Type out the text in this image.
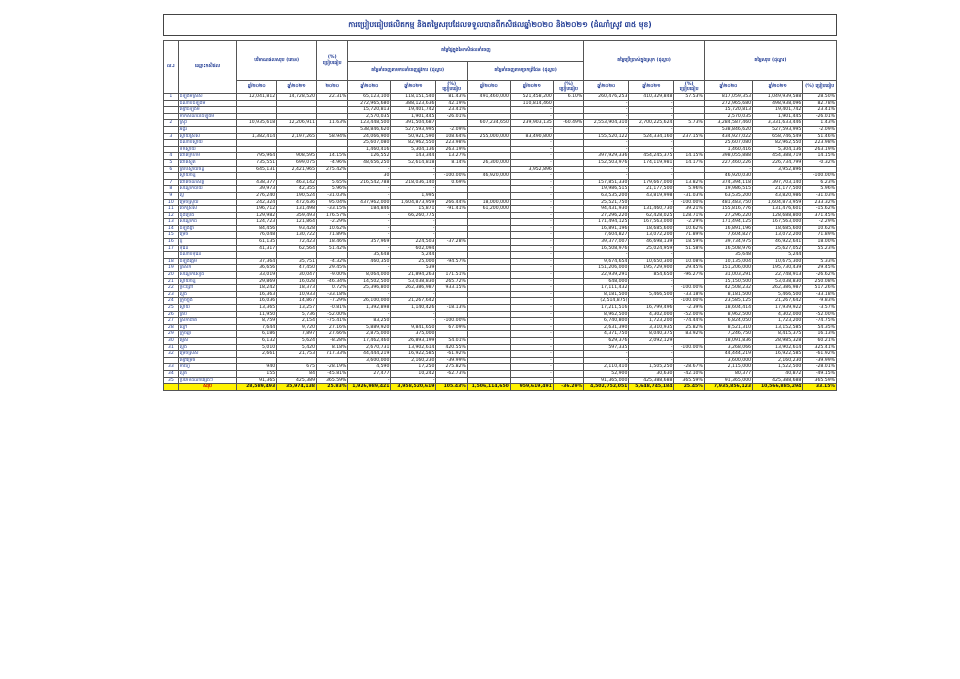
ការប្រៀបធៀបផលិតកម្ម និងតម្លៃសរុបដែលទទួលបានពីកសិផលឆ្នាំ២០២០ និង២០២១ (ដំណាំស្រូវ ៣៥ មុខ)
ល.រ	ឈ្មោះកសិផល	បរិមាណផលសរុប (តោន)		(%) ប្រៀបធៀប	តម្លៃផ្ទៃក្នុងនៃកសិផលនាំចេញ						តម្លៃប្រើប្រាស់ក្នុងស្រុក (ដុល្លារ)			តម្លៃសរុប (ដុល្លារ)		
					តម្លៃនាំចេញតាមការនាំចេញផ្លូវការ (ដុល្លារ)			តម្លៃនាំចេញតាមច្រកព្រំដែន (ដុល្លារ)								
		ឆ្នាំ២០២០	ឆ្នាំ២០២១	២០២០	ឆ្នាំ២០២០	ឆ្នាំ២០២១	(%) ប្រៀបធៀប	ឆ្នាំ២០២០	ឆ្នាំ២០២១	(%) ប្រៀបធៀប	ឆ្នាំ២០២០	ឆ្នាំ២០២១	(%) ប្រៀបធៀប	ឆ្នាំ២០២០	ឆ្នាំ២០២១	(%) ប្រៀបធៀប
1	ដំឡូងមីស្រស់	12,041,812	14,728,520	22.31%	65,123,100	118,151,540	81.43%	491,460,000	521,458,200	6.10%	260,476,253	410,329,848	57.53%	817,059,353	1,049,939,588	28.50%
	ដំណាប់ដំឡូងមី				272,965,680	388,123,636	42.19%		110,814,460		-	-		272,965,680	498,938,096	82.78%
	ម្សៅដំឡូងមី				15,720,813	19,401,742	23.41%		-		-	-		15,720,813	19,401,742	23.41%
	កាកសំណល់ដំឡូងមី				2,570,035	1,901,445	-26.01%		-		-	-		2,570,035	1,901,445	-26.01%
2	ស្រូវ	10,935,618	12,206,911	11.63%	123,448,500	391,504,687		607,234,650	239,903,135	-60.49%	2,553,904,310	2,700,225,624	5.73%	3,284,587,460	3,331,633,446	1.43%
	អង្ករ				538,846,620	527,593,995	-2.09%		-		-	-		538,846,620	527,593,995	-2.09%
3	ស្វាយស្រស់	1,382,414	2,197,265	58.94%	24,066,900	50,921,590	108.64%	255,000,000	83,490,800		155,520,122	524,334,160	237.15%	434,927,022	658,746,549	51.46%
	ដំណាប់ស្វាយ				25,607,080	82,962,550	223.98%		-		-	-		25,607,080	82,962,550	223.98%
	ទឹកស្វាយ				1,460,416	5,304,136	263.19%		-		-	-		1,460,416	5,304,136	263.19%
4	ពោតក្រហម	795,964	908,595	14.15%	126,552	143,344	13.27%		-		397,929,336	454,245,375	14.15%	398,055,888	454,388,719	14.15%
5	ពោតស្ងួត	735,551	699,075	-4.96%	48,656,250	52,614,818	8.14%	26,300,000	-		152,503,976	174,119,981	14.17%	227,460,226	226,734,799	-0.32%
6	គ្រាប់ស្វាយចន្ទី	645,131	2,421,965	275.42%	-	-			3,952,896		-	-		-	3,952,896	
	ស្វាយចន្ទី				30	-	-100.00%	46,920,000	-		-	-		46,920,030	-	-100.00%
7	ពោតចំណីសត្វ	438,377	463,142	5.65%	216,542,788	218,036,140	0.69%		-		157,851,330	179,667,000	13.82%	374,394,118	397,703,140	6.23%
8	សណ្តែកបាយ	39,973	42,355	5.96%	-	-			-		19,986,515	21,177,500	5.96%	19,986,515	21,177,500	5.96%
9	ល្ង	276,240	190,524	-31.03%	-	1,995			-		63,535,200	43,819,998	-31.03%	63,535,200	43,820,986	-31.03%
10	ម្រេចស្រួយ	242,324	472,636	95.04%	437,962,000	1,604,873,959	266.44%	18,000,000	-		25,521,750	-	-100.00%	481,483,750	1,604,873,959	233.32%
11	ចេកស្រស់	196,712	131,498	-33.15%	184,846	15,871	-91.41%	61,200,000	-		94,431,930	131,460,730	39.21%	155,816,776	131,476,601	-15.62%
12	ដូងប្រេង	129,982	359,493	176.57%	-	66,260,775			-		27,296,220	62,428,025	128.71%	27,296,220	128,688,800	371.45%
13	សណ្តែកដី	124,723	121,864	-2.29%	-	-			-		171,494,125	167,563,000	-2.29%	171,494,125	167,563,000	-2.29%
14	ដំឡូងជ្វា	84,456	93,428	10.62%	-	-			-		16,891,196	18,685,600	10.62%	16,891,196	18,685,600	10.62%
15	ម្រេច	76,048	130,722	71.89%	-	-			-		7,604,827	13,072,200	71.89%	7,604,827	13,072,200	71.89%
16	ខ្ញី	61,135	72,423	18.46%	357,969	224,503	-37.28%		-		39,377,007	46,698,139	18.59%	39,734,975	46,922,641	18.00%
17	ទុរេន	41,317	62,564	51.42%	-	602,094			-		16,508,976	25,024,959	51.58%	16,508,976	25,627,052	55.23%
	ដំណាប់ទុរេន				35,648	5,244			-		-	-		35,648	5,244	
18	ដំឡូងផ្អែម	37,364	35,751	-4.32%	460,350	25,000	-94.57%		-		9,674,654	10,650,300	10.08%	10,135,004	10,675,300	5.33%
19	ត្រសក់	36,656	47,450	29.45%	-	539			-		151,206,000	195,729,900	29.45%	151,206,000	195,730,439	29.45%
20	សណ្តែកសៀង	33,019	30,047	-9.00%	8,064,000	21,894,263	171.51%		-		22,939,291	854,650	-96.27%	31,003,291	22,748,913	-26.62%
21	ស្វាយចន្ទី	29,869	16,028	-46.34%	14,502,500	53,038,830	265.72%		-		648,000	-		15,150,500	53,038,830	250.08%
22	ម្រះព្រៅ	18,242	18,373	0.72%	25,396,800	262,386,987	933.15%		-		17,111,432	-	-100.00%	42,508,232	262,386,987	517.26%
23	ល្ហុង	16,363	10,933	-33.18%	-	-			-		8,181,500	5,466,500	-33.18%	8,181,500	5,466,500	-33.18%
24	ក្រូចថ្លុង	16,036	14,867	-7.29%	26,100,000	21,267,642			-		(2,514,875)	-	-100.00%	23,585,125	21,267,642	-9.83%
25	ស្វាយ	13,365	13,257	-0.81%	1,392,898	1,140,426	-18.13%		-		17,211,516	16,799,496	-2.39%	18,604,414	17,939,922	-3.57%
26	ត្រប់	11,950	5,736	-52.00%	-	-			-		8,962,500	4,302,000	-52.00%	8,962,500	4,302,000	-52.00%
27	ស្រកាដាត	8,759	2,154	-75.41%	83,250	-	-100.00%		-		6,740,800	1,723,200	-74.44%	6,824,050	1,723,200	-74.75%
28	ល្ពៅ	7,644	9,720	27.16%	5,889,920	9,841,650	67.09%		-		2,631,390	3,310,935	25.82%	8,521,310	13,152,585	54.35%
29	ក្រូចឆ្មា	6,186	7,897	27.66%	2,875,000	375,000			-		4,371,750	8,040,375	83.92%	7,246,750	8,415,375	16.13%
30	ម្ទេស	6,132	5,624	-8.28%	17,462,460	26,893,199	54.01%		-		629,376	2,092,129		18,091,836	28,985,328	60.21%
31	ល្ហុង	5,010	5,420	8.18%	2,670,731	13,902,614	420.55%		-		597,335	-	-100.00%	3,268,066	13,902,614	325.41%
32	ម្រេចស្រស់	2,661	21,753	717.33%	44,444,219	16,922,585	-61.92%		-		-	-		44,444,219	16,922,585	-61.92%
	ម្សៅម្រេច				3,600,000	2,160,230	-39.99%		-		-	-		3,600,000	2,160,230	-39.99%
33	កាហ្វេ	940	675	-28.19%	4,590	17,250	275.82%		-		2,110,410	1,505,250	-28.67%	2,115,000	1,522,500	-28.01%
34	ល្មុត	155	84	-45.81%	27,477	10,242	-62.73%		-		52,900	30,630	-42.10%	80,377	40,872	-49.15%
35	ប្រភេទដំណាំផ្សេងៗ	91,365	425,389	365.59%	-	-			-		91,365,000	425,388,688	365.59%	91,365,000	425,388,688	365.59%
	សរុប	28,589,493	35,974,138	25.83%	1,926,989,421	3,958,520,619	105.43%	1,506,114,650	959,619,491	-36.29%	4,502,752,051	5,648,745,184	25.45%	7,935,856,123	10,566,885,294	33.15%
